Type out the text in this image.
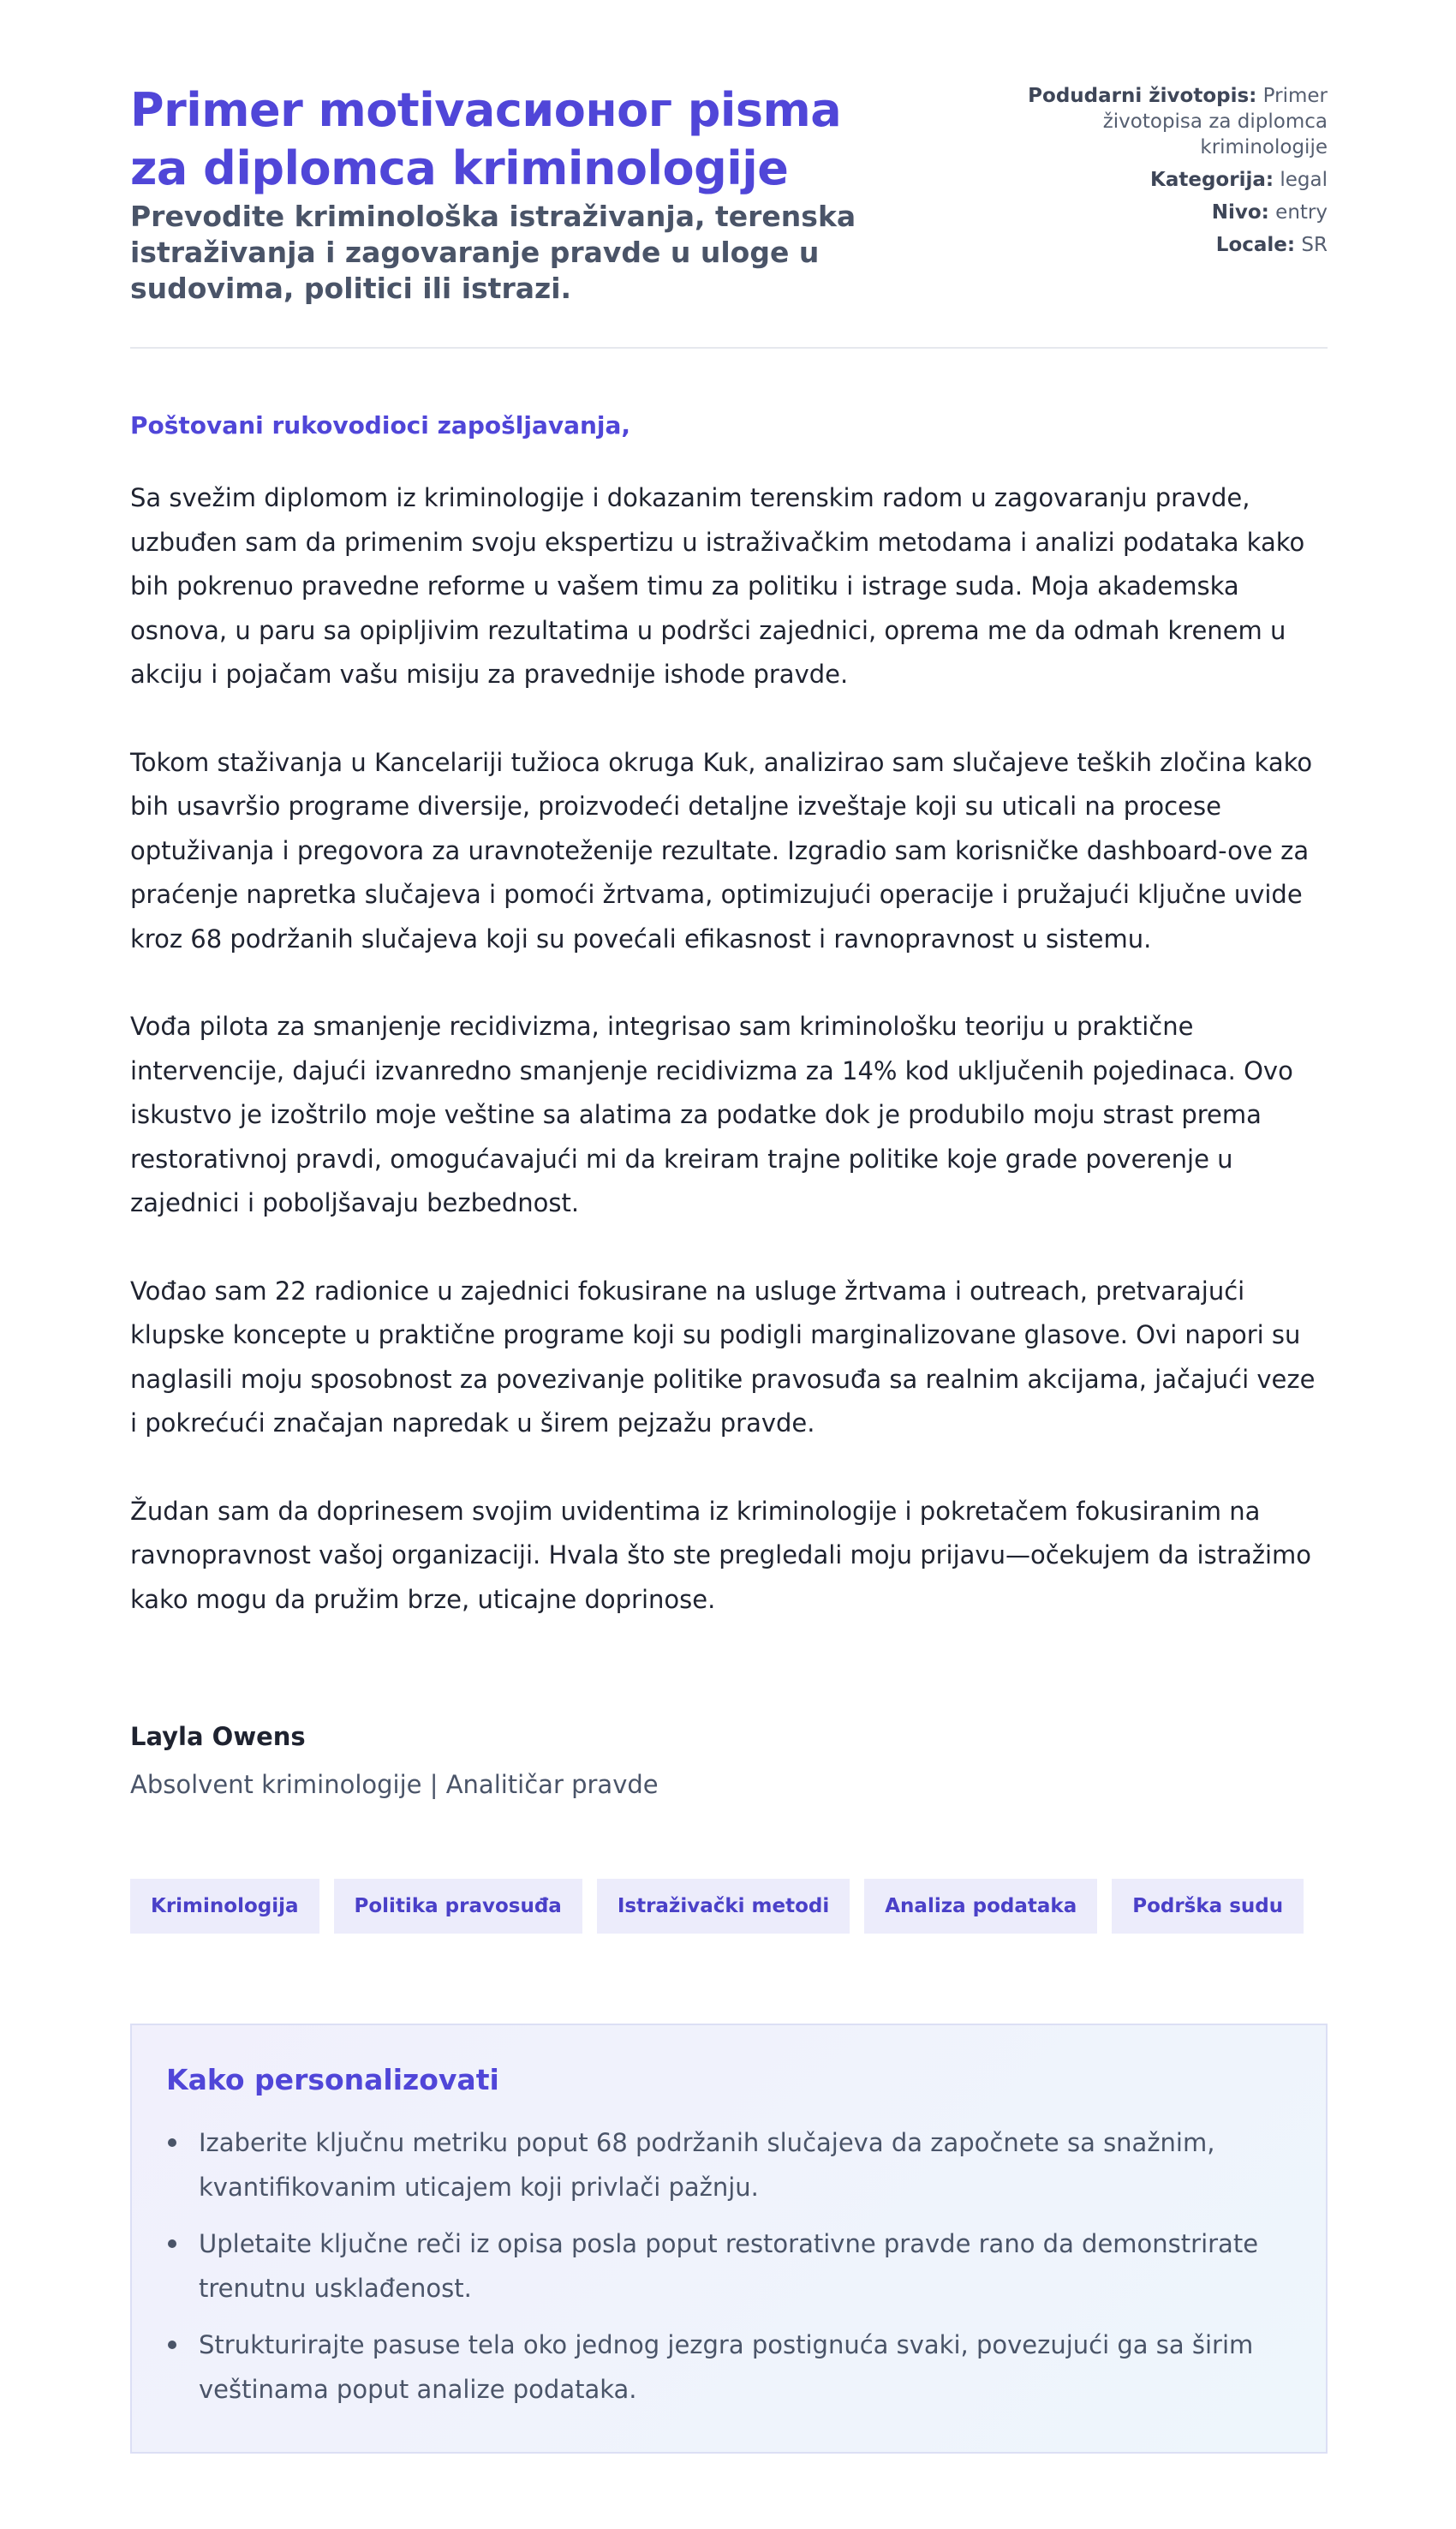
Primer motivacионог pisma za diplomca kriminologije
Prevodite kriminološka istraživanja, terenska istraživanja i zagovaranje pravde u uloge u sudovima, politici ili istrazi.
Podudarni životopis: Primer životopisa za diplomca kriminologije
Kategorija: legal
Nivo: entry
Locale: SR
Poštovani rukovodioci zapošljavanja,

Sa svežim diplomom iz kriminologije i dokazanim terenskim radom u zagovaranju pravde, uzbuđen sam da primenim svoju ekspertizu u istraživačkim metodama i analizi podataka kako bih pokrenuo pravedne reforme u vašem timu za politiku i istrage suda. Moja akademska osnova, u paru sa opipljivim rezultatima u podršci zajednici, oprema me da odmah krenem u akciju i pojačam vašu misiju za pravednije ishode pravde.

Tokom staživanja u Kancelariji tužioca okruga Kuk, analizirao sam slučajeve teških zločina kako bih usavršio programe diversije, proizvodeći detaljne izveštaje koji su uticali na procese optuživanja i pregovora za uravnoteženije rezultate. Izgradio sam korisničke dashboard-ove za praćenje napretka slučajeva i pomoći žrtvama, optimizujući operacije i pružajući ključne uvide kroz 68 podržanih slučajeva koji su povećali efikasnost i ravnopravnost u sistemu.

Vođa pilota za smanjenje recidivizma, integrisao sam kriminološku teoriju u praktične intervencije, dajući izvanredno smanjenje recidivizma za 14% kod uključenih pojedinaca. Ovo iskustvo je izoštrilo moje veštine sa alatima za podatke dok je produbilo moju strast prema restorativnoj pravdi, omogućavajući mi da kreiram trajne politike koje grade poverenje u zajednici i poboljšavaju bezbednost.

Vođao sam 22 radionice u zajednici fokusirane na usluge žrtvama i outreach, pretvarajući klupske koncepte u praktične programe koji su podigli marginalizovane glasove. Ovi napori su naglasili moju sposobnost za povezivanje politike pravosuđa sa realnim akcijama, jačajući veze i pokrećući značajan napredak u širem pejzažu pravde.

Žudan sam da doprinesem svojim uvidentima iz kriminologije i pokretačem fokusiranim na ravnopravnost vašoj organizaciji. Hvala što ste pregledali moju prijavu—očekujem da istražimo kako mogu da pružim brze, uticajne doprinose.

Layla Owens
Absolvent kriminologije | Analitičar pravde
Kriminologija	Politika pravosuđa	Istraživački metodi	Analiza podataka	Podrška sudu
Kako personalizovati
Izaberite ključnu metriku poput 68 podržanih slučajeva da započnete sa snažnim, kvantifikovanim uticajem koji privlači pažnju.
Upletaite ključne reči iz opisa posla poput restorativne pravde rano da demonstrirate trenutnu usklađenost.
Strukturirajte pasuse tela oko jednog jezgra postignuća svaki, povezujući ga sa širim veštinama poput analize podataka.
